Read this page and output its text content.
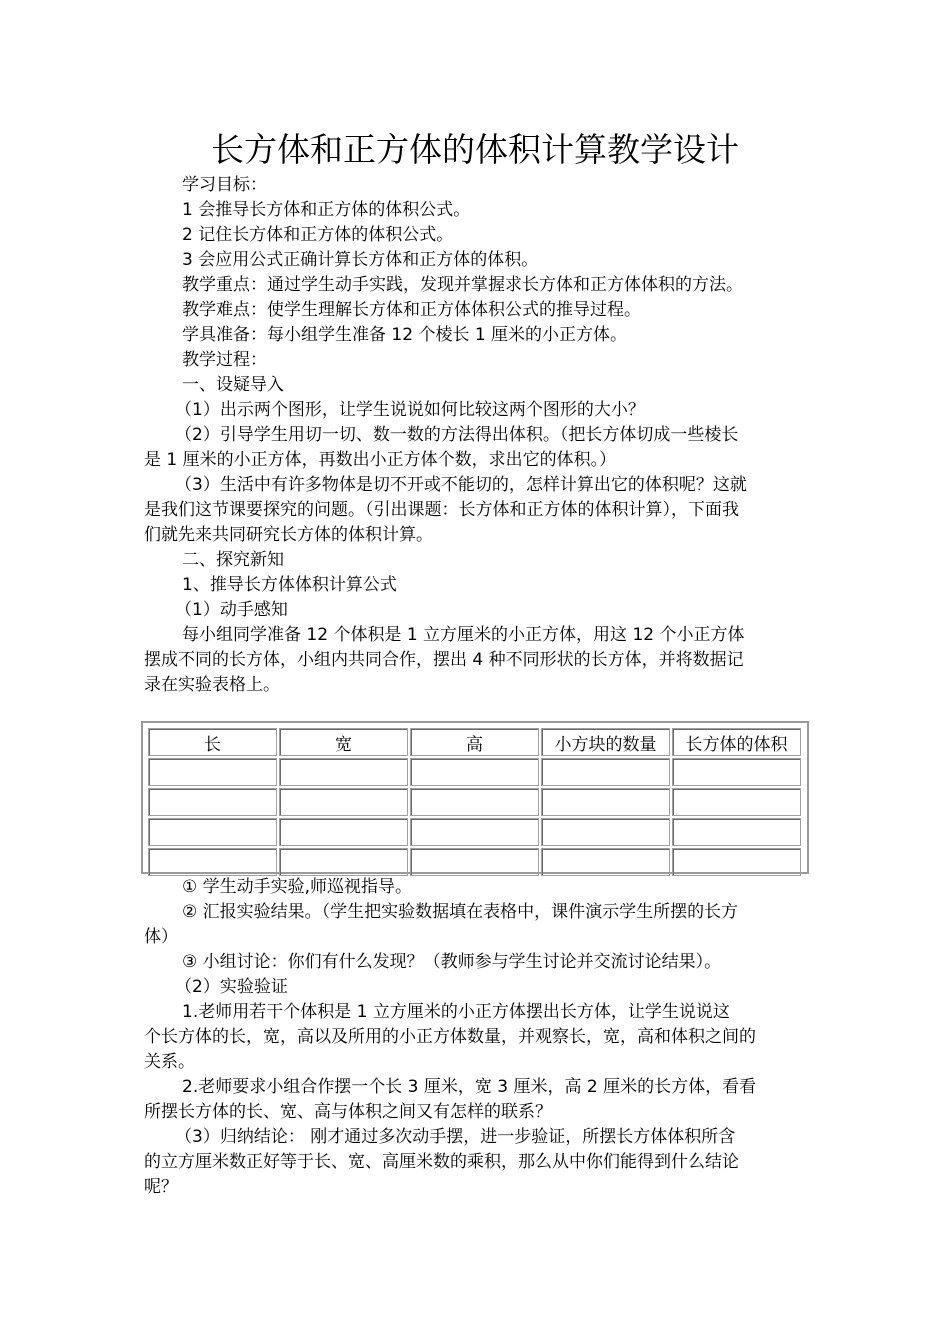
长方体和正方体的体积计算教学设计
学习目标：
1 会推导长方体和正方体的体积公式。
2 记住长方体和正方体的体积公式。
3 会应用公式正确计算长方体和正方体的体积。
教学重点：通过学生动手实践，发现并掌握求长方体和正方体体积的方法。
教学难点：使学生理解长方体和正方体体积公式的推导过程。
学具准备：每小组学生准备 12 个棱长 1 厘米的小正方体。
教学过程：
一、设疑导入
（1）出示两个图形，让学生说说如何比较这两个图形的大小？
（2）引导学生用切一切、数一数的方法得出体积。（把长方体切成一些棱长
是 1 厘米的小正方体，再数出小正方体个数，求出它的体积。）
（3）生活中有许多物体是切不开或不能切的，怎样计算出它的体积呢？这就
是我们这节课要探究的问题。（引出课题：长方体和正方体的体积计算），下面我
们就先来共同研究长方体的体积计算。
二、探究新知
1、推导长方体体积计算公式
（1）动手感知
每小组同学准备 12 个体积是 1 立方厘米的小正方体，用这 12 个小正方体
摆成不同的长方体，小组内共同合作，摆出 4 种不同形状的长方体，并将数据记
录在实验表格上。
长	宽	高	小方块的数量	长方体的体积

① 学生动手实验,师巡视指导。
② 汇报实验结果。（学生把实验数据填在表格中，课件演示学生所摆的长方
体）
③ 小组讨论：你们有什么发现？（教师参与学生讨论并交流讨论结果）。
（2）实验验证
1.老师用若干个体积是 1 立方厘米的小正方体摆出长方体，让学生说说这
个长方体的长，宽，高以及所用的小正方体数量，并观察长，宽，高和体积之间的
关系。
2.老师要求小组合作摆一个长 3 厘米，宽 3 厘米，高 2 厘米的长方体，看看
所摆长方体的长、宽、高与体积之间又有怎样的联系？
（3）归纳结论： 刚才通过多次动手摆，进一步验证，所摆长方体体积所含
的立方厘米数正好等于长、宽、高厘米数的乘积，那么从中你们能得到什么结论
呢？
